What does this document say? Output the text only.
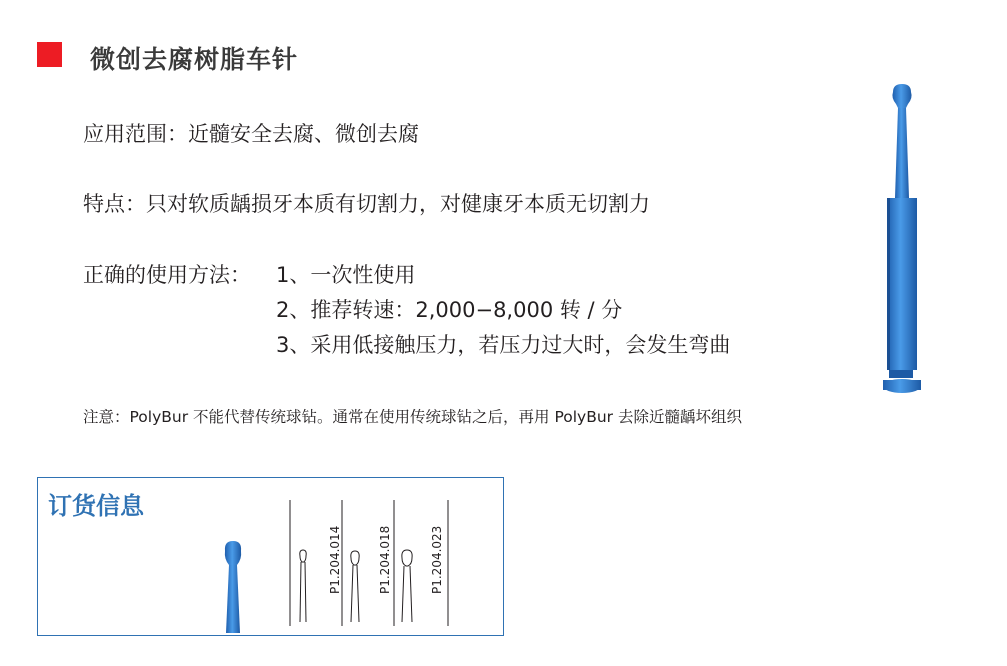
微创去腐树脂车针
应用范围：近髓安全去腐、微创去腐
特点：只对软质龋损牙本质有切割力，对健康牙本质无切割力
正确的使用方法： 1、一次性使用
2、推荐转速：2,000−8,000 转 / 分
3、采用低接触压力，若压力过大时，会发生弯曲
注意：PolyBur 不能代替传统球钻。通常在使用传统球钻之后，再用 PolyBur 去除近髓龋坏组织
订货信息
P1.204.014	P1.204.018	P1.204.023
